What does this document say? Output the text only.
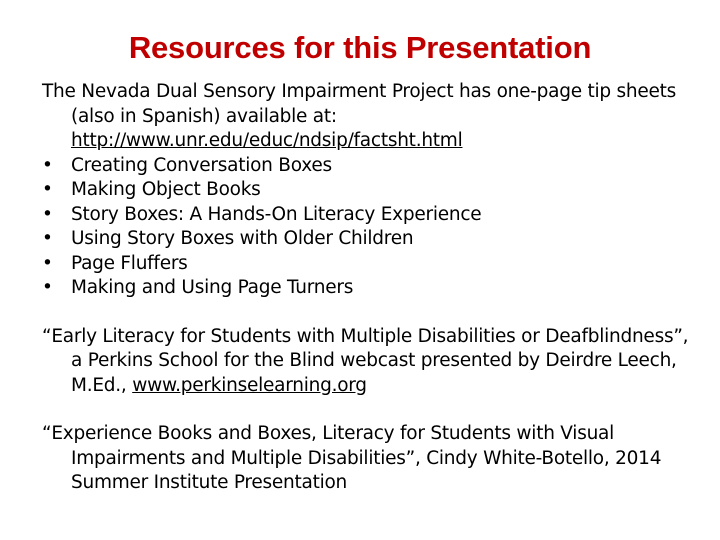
Resources for this Presentation

The Nevada Dual Sensory Impairment Project has one-page tip sheets (also in Spanish) available at: http://www.unr.edu/educ/ndsip/factsht.html

• Creating Conversation Boxes
• Making Object Books
• Story Boxes: A Hands-On Literacy Experience
• Using Story Boxes with Older Children
• Page Fluffers
• Making and Using Page Turners

“Early Literacy for Students with Multiple Disabilities or Deafblindness”, a Perkins School for the Blind webcast presented by Deirdre Leech, M.Ed., www.perkinselearning.org

“Experience Books and Boxes, Literacy for Students with Visual Impairments and Multiple Disabilities”, Cindy White-Botello, 2014 Summer Institute Presentation
